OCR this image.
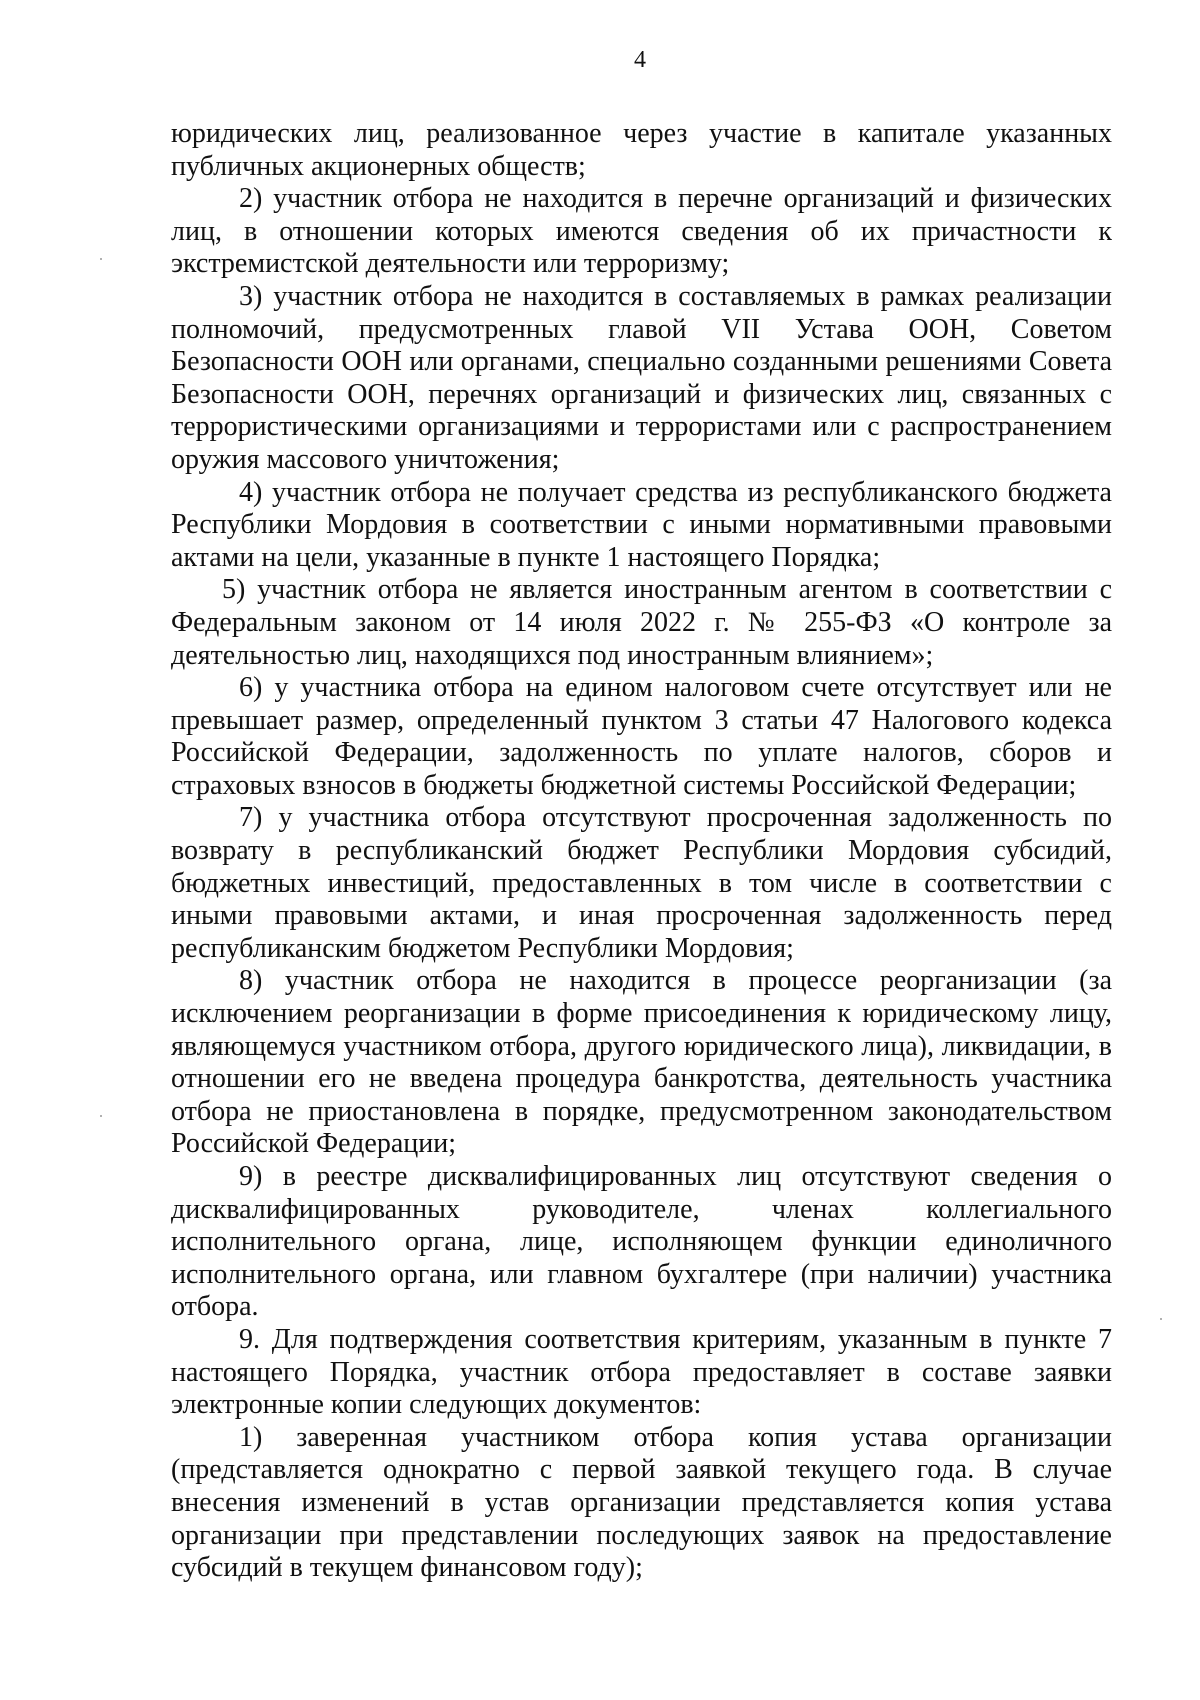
4

юридических лиц, реализованное через участие в капитале указанных публичных акционерных обществ;

2) участник отбора не находится в перечне организаций и физических лиц, в отношении которых имеются сведения об их причастности к экстремистской деятельности или терроризму;

3) участник отбора не находится в составляемых в рамках реализации полномочий, предусмотренных главой VII Устава ООН, Советом Безопасности ООН или органами, специально созданными решениями Совета Безопасности ООН, перечнях организаций и физических лиц, связанных с террористическими организациями и террористами или с распространением оружия массового уничтожения;

4) участник отбора не получает средства из республиканского бюджета Республики Мордовия в соответствии с иными нормативными правовыми актами на цели, указанные в пункте 1 настоящего Порядка;

5) участник отбора не является иностранным агентом в соответствии с Федеральным законом от 14 июля 2022 г. № 255-ФЗ «О контроле за деятельностью лиц, находящихся под иностранным влиянием»;

6) у участника отбора на едином налоговом счете отсутствует или не превышает размер, определенный пунктом 3 статьи 47 Налогового кодекса Российской Федерации, задолженность по уплате налогов, сборов и страховых взносов в бюджеты бюджетной системы Российской Федерации;

7) у участника отбора отсутствуют просроченная задолженность по возврату в республиканский бюджет Республики Мордовия субсидий, бюджетных инвестиций, предоставленных в том числе в соответствии с иными правовыми актами, и иная просроченная задолженность перед республиканским бюджетом Республики Мордовия;

8) участник отбора не находится в процессе реорганизации (за исключением реорганизации в форме присоединения к юридическому лицу, являющемуся участником отбора, другого юридического лица), ликвидации, в отношении его не введена процедура банкротства, деятельность участника отбора не приостановлена в порядке, предусмотренном законодательством Российской Федерации;

9) в реестре дисквалифицированных лиц отсутствуют сведения о дисквалифицированных руководителе, членах коллегиального исполнительного органа, лице, исполняющем функции единоличного исполнительного органа, или главном бухгалтере (при наличии) участника отбора.

9. Для подтверждения соответствия критериям, указанным в пункте 7 настоящего Порядка, участник отбора предоставляет в составе заявки электронные копии следующих документов:

1) заверенная участником отбора копия устава организации (представляется однократно с первой заявкой текущего года. В случае внесения изменений в устав организации представляется копия устава организации при представлении последующих заявок на предоставление субсидий в текущем финансовом году);
